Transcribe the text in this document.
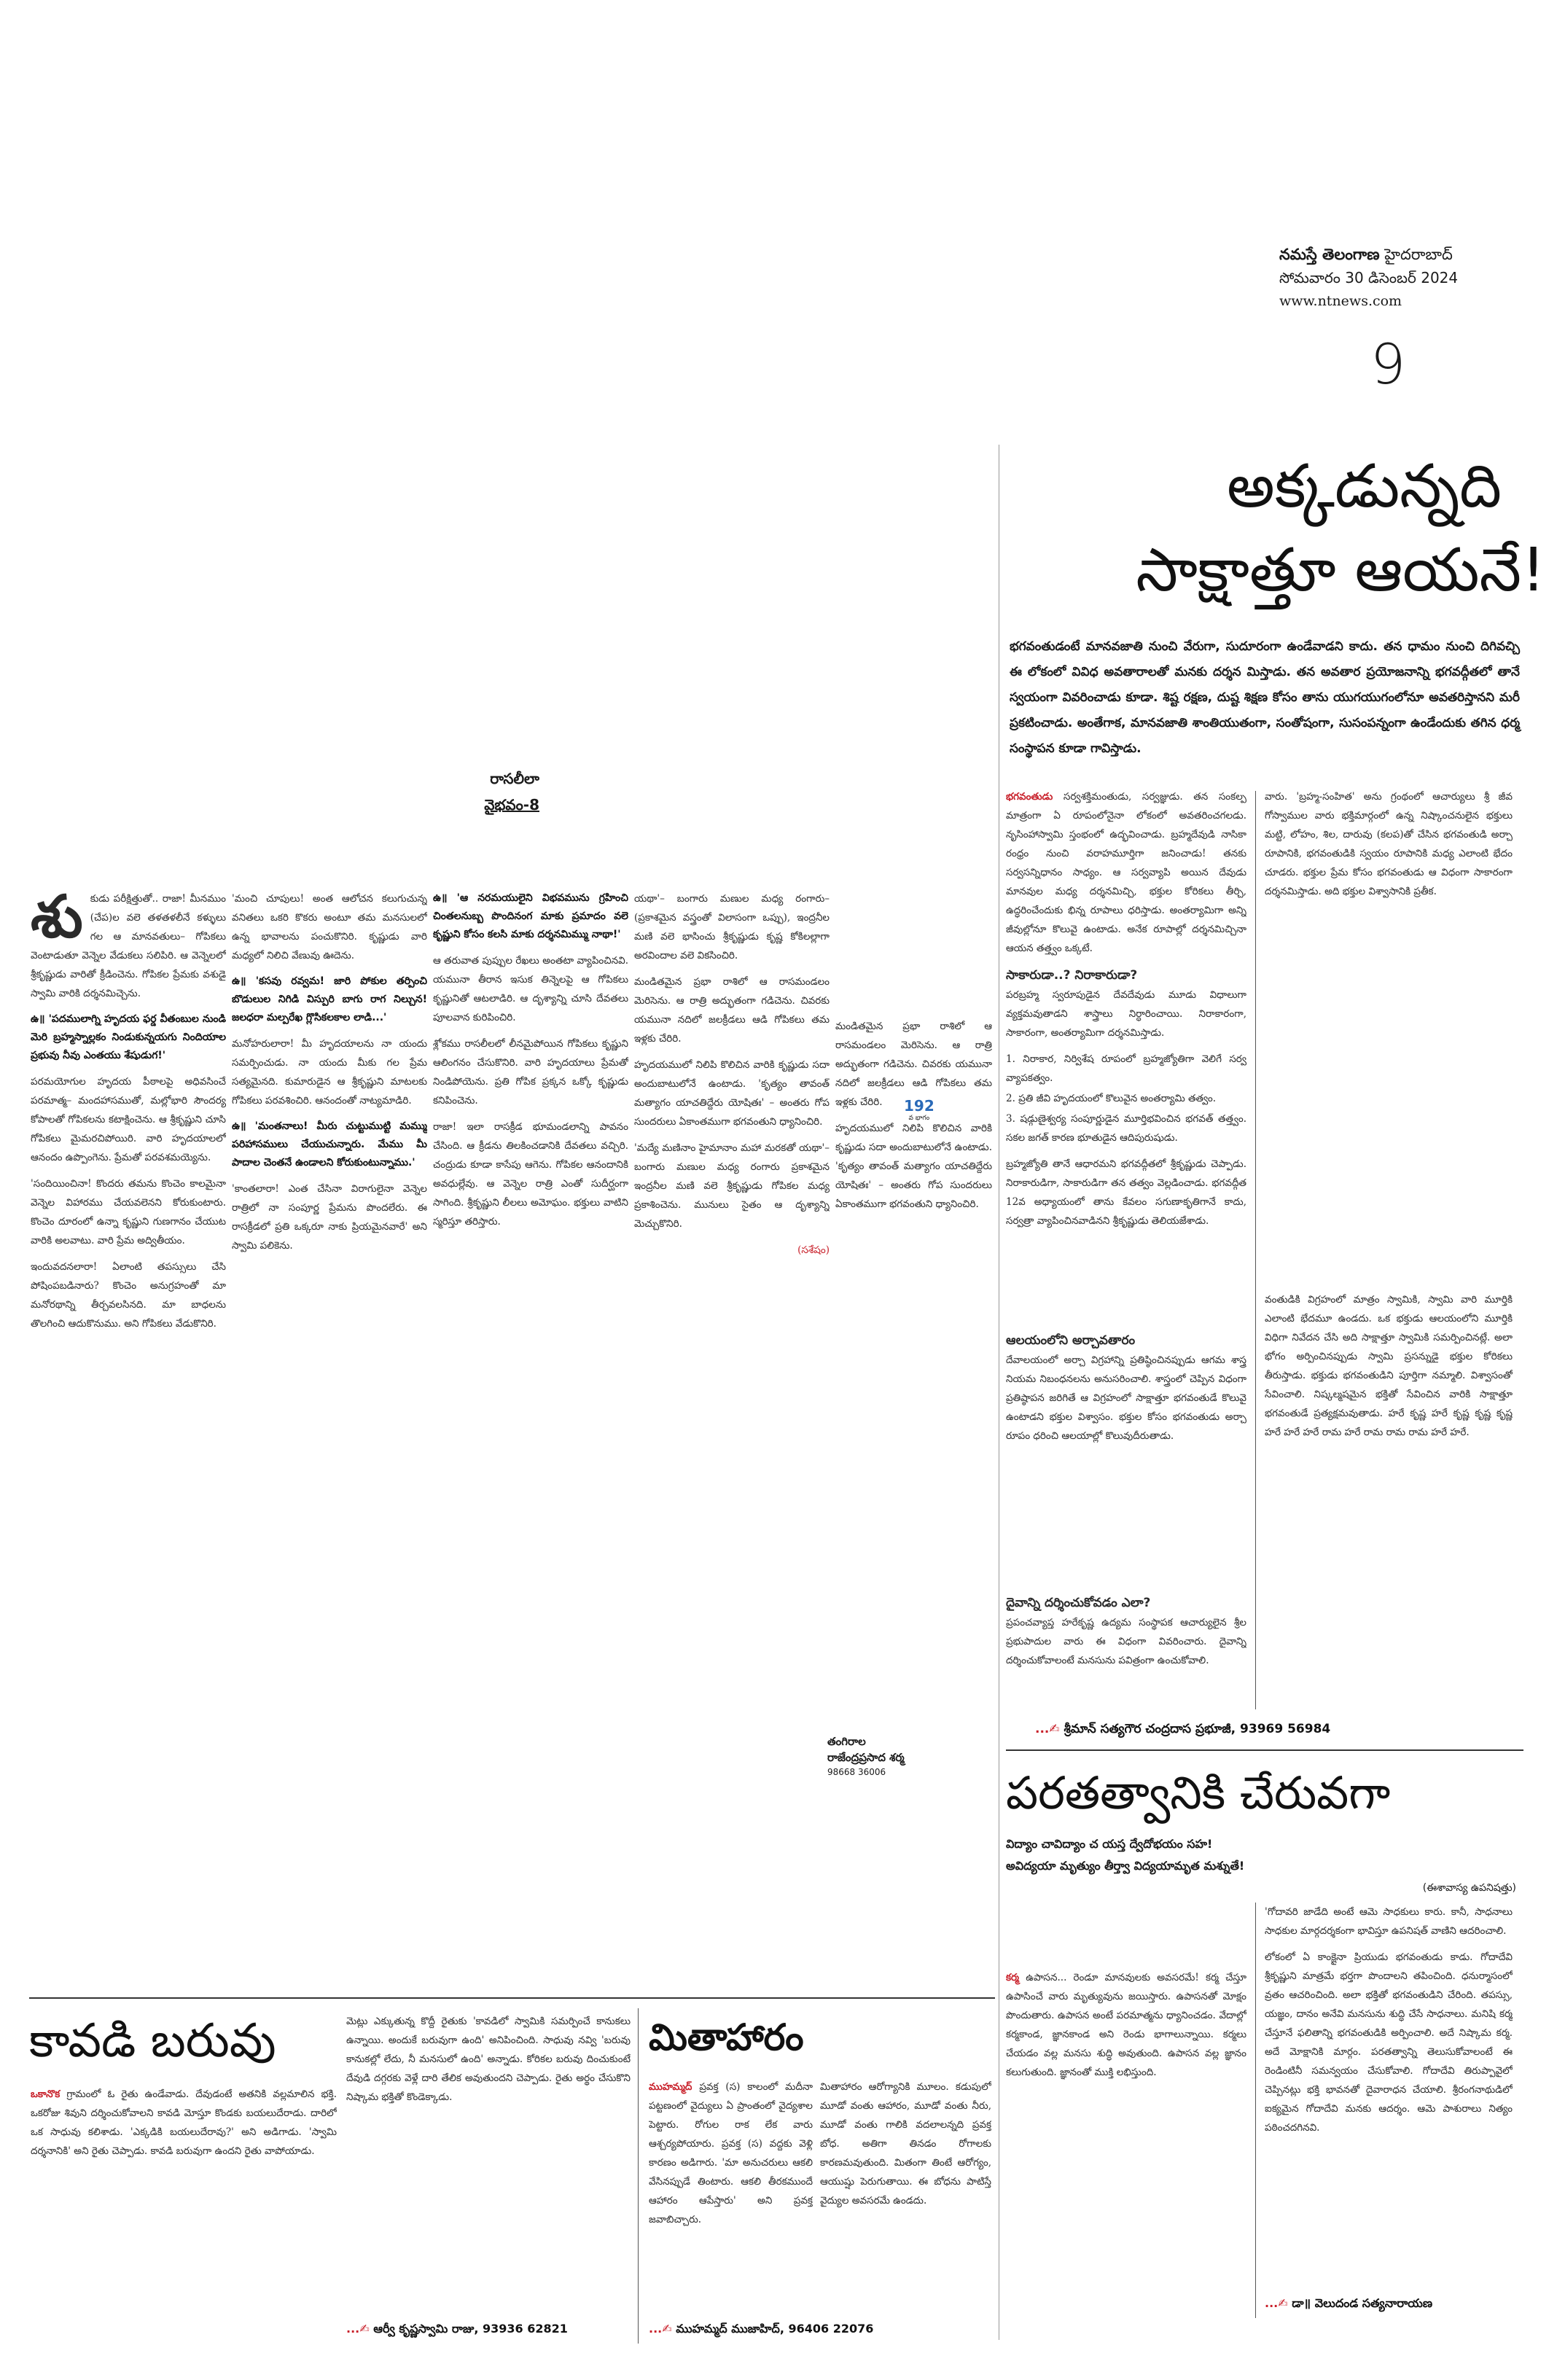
నమస్తే తెలంగాణ హైదరాబాద్
సోమవారం 30 డిసెంబర్ 2024
www.ntnews.com
9
అక్కడున్నది
సాక్షాత్తూ ఆయనే!
భగవంతుడంటే మానవజాతి నుంచి వేరుగా, సుదూరంగా ఉండేవాడని కాదు. తన ధామం నుంచి దిగివచ్చి ఈ లోకంలో వివిధ అవతారాలతో మనకు దర్శన మిస్తాడు. తన అవతార ప్రయోజనాన్ని భగవద్గీతలో తానే స్వయంగా వివరించాడు కూడా. శిష్ట రక్షణ, దుష్ట శిక్షణ కోసం తాను యుగయుగంలోనూ అవతరిస్తానని మరీ ప్రకటించాడు. అంతేగాక, మానవజాతి శాంతియుతంగా, సంతోషంగా, సుసంపన్నంగా ఉండేందుకు తగిన ధర్మ సంస్థాపన కూడా గావిస్తాడు.

భగవంతుడు సర్వశక్తిమంతుడు, సర్వజ్ఞుడు. తన సంకల్ప మాత్రంగా ఏ రూపంలోనైనా లోకంలో అవతరించగలడు. నృసింహాస్వామి స్తంభంలో ఉద్భవించాడు. బ్రహ్మదేవుడి నాసికా రంధ్రం నుంచి వరాహమూర్తిగా జనించాడు! తనకు సర్వసన్నిధానం సాధ్యం. ఆ సర్వవ్యాపి అయిన దేవుడు మానవుల మధ్య దర్శనమిచ్చి, భక్తుల కోరికలు తీర్చి, ఉద్ధరించేందుకు భిన్న రూపాలు ధరిస్తాడు. అంతర్యామిగా అన్ని జీవుల్లోనూ కొలువై ఉంటాడు. అనేక రూపాల్లో దర్శనమిచ్చినా ఆయన తత్త్వం ఒక్కటే.

సాకారుడా..? నిరాకారుడా?

పరబ్రహ్మ స్వరూపుడైన దేవదేవుడు మూడు విధాలుగా వ్యక్తమవుతాడని శాస్త్రాలు నిర్ధారించాయి. నిరాకారంగా, సాకారంగా, అంతర్యామిగా దర్శనమిస్తాడు.

1. నిరాకార, నిర్విశేష రూపంలో బ్రహ్మజ్యోతిగా వెలిగే సర్వ వ్యాపకత్వం.

2. ప్రతి జీవి హృదయంలో కొలువైన అంతర్యామి తత్వం.

3. షడ్గుణైశ్వర్య సంపూర్ణుడైన మూర్తిభవించిన భగవత్ తత్త్వం. సకల జగత్ కారణ భూతుడైన ఆదిపురుషుడు.

బ్రహ్మజ్యోతి తానే ఆధారమని భగవద్గీతలో శ్రీకృష్ణుడు చెప్పాడు. నిరాకారుడిగా, సాకారుడిగా తన తత్వం వెల్లడించాడు. భగవద్గీత 12వ అధ్యాయంలో తాను కేవలం సగుణాకృతిగానే కాదు, సర్వత్రా వ్యాపించినవాడినని శ్రీకృష్ణుడు తెలియజేశాడు.

ఆలయంలోని అర్చావతారం

దేవాలయంలో అర్చా విగ్రహాన్ని ప్రతిష్ఠించినప్పుడు ఆగమ శాస్త్ర నియమ నిబంధనలను అనుసరించాలి. శాస్త్రంలో చెప్పిన విధంగా ప్రతిష్ఠాపన జరిగితే ఆ విగ్రహంలో సాక్షాత్తూ భగవంతుడే కొలువై ఉంటాడని భక్తుల విశ్వాసం. భక్తుల కోసం భగవంతుడు అర్చా రూపం ధరించి ఆలయాల్లో కొలువుదీరుతాడు.

దైవాన్ని దర్శించుకోవడం ఎలా?

ప్రపంచవ్యాప్త హరేకృష్ణ ఉద్యమ సంస్థాపక ఆచార్యులైన శ్రీల ప్రభుపాదుల వారు ఈ విధంగా వివరించారు. దైవాన్ని దర్శించుకోవాలంటే మనసును పవిత్రంగా ఉంచుకోవాలి.

వారు. 'బ్రహ్మ-సంహిత' అను గ్రంథంలో ఆచార్యులు శ్రీ జీవ గోస్వాముల వారు భక్తిమార్గంలో ఉన్న నిష్కాంచనులైన భక్తులు మట్టి, లోహం, శిల, దారువు (కలప)తో చేసిన భగవంతుడి అర్చా రూపానికి, భగవంతుడికి స్వయం రూపానికి మధ్య ఎలాంటి భేదం చూడరు. భక్తుల ప్రేమ కోసం భగవంతుడు ఆ విధంగా సాకారంగా దర్శనమిస్తాడు. అది భక్తుల విశ్వాసానికి ప్రతీక.

వంతుడికి విగ్రహంలో మాత్రం స్వామికి, స్వామి వారి మూర్తికి ఎలాంటి భేదమూ ఉండదు. ఒక భక్తుడు ఆలయంలోని మూర్తికి విధిగా నివేదన చేసి అది సాక్షాత్తూ స్వామికి సమర్పించినట్లే. అలా భోగం అర్పించినప్పుడు స్వామి ప్రసన్నుడై భక్తుల కోరికలు తీరుస్తాడు. భక్తుడు భగవంతుడిని పూర్తిగా నమ్మాలి. విశ్వాసంతో సేవించాలి. నిష్కల్మషమైన భక్తితో సేవించిన వారికి సాక్షాత్తూ భగవంతుడే ప్రత్యక్షమవుతాడు. హరే కృష్ణ హరే కృష్ణ కృష్ణ కృష్ణ హరే హరే హరే రామ హరే రామ రామ రామ హరే హరే.

...✍ శ్రీమాన్ సత్యగౌర చంద్రదాస ప్రభూజీ, 93969 56984
పరతత్వానికి చేరువగా
విద్యాం చావిద్యాం చ యస్త ద్వేదోభయం సహ!
అవిద్యయా మృత్యుం తీర్త్వా విద్యయామృత మశ్నుతే!
(ఈశావాస్య ఉపనిషత్తు)

కర్మ ఉపాసన... రెండూ మానవులకు అవసరమే! కర్మ చేస్తూ ఉపాసించే వారు మృత్యువును జయిస్తారు. ఉపాసనతో మోక్షం పొందుతారు. ఉపాసన అంటే పరమాత్మను ధ్యానించడం. వేదాల్లో కర్మకాండ, జ్ఞానకాండ అని రెండు భాగాలున్నాయి. కర్మలు చేయడం వల్ల మనసు శుద్ధి అవుతుంది. ఉపాసన వల్ల జ్ఞానం కలుగుతుంది. జ్ఞానంతో ముక్తి లభిస్తుంది.

'గోదావరి జాడేది అంటే ఆమె సాధకులు కారు. కానీ, సాధనాలు సాధకుల మార్గదర్శకంగా భావిస్తూ ఉపనిషత్ వాణిని ఆదరించాలి.

లోకంలో ఏ కాంక్షైనా ప్రియుడు భగవంతుడు కాడు. గోదాదేవి శ్రీకృష్ణుని మాత్రమే భర్తగా పొందాలని తపించింది. ధనుర్మాసంలో వ్రతం ఆచరించింది. అలా భక్తితో భగవంతుడిని చేరింది. తపస్సు, యజ్ఞం, దానం అనేవి మనసును శుద్ధి చేసే సాధనాలు. మనిషి కర్మ చేస్తూనే ఫలితాన్ని భగవంతుడికి అర్పించాలి. అదే నిష్కామ కర్మ. అదే మోక్షానికి మార్గం. పరతత్వాన్ని తెలుసుకోవాలంటే ఈ రెండింటినీ సమన్వయం చేసుకోవాలి. గోదాదేవి తిరుప్పావైలో చెప్పినట్లు భక్తి భావనతో దైవారాధన చేయాలి. శ్రీరంగనాథుడిలో ఐక్యమైన గోదాదేవి మనకు ఆదర్శం. ఆమె పాశురాలు నిత్యం పఠించదగినవి.

...✍ డా॥ వెలుదండ సత్యనారాయణ
రాసలీలా
వైభవం-8

శుకుడు పరీక్షిత్తుతో.. రాజా! మీనముం (చేప)ల వలె తళతళలీనే కళ్ళులు గల ఆ మానవతులు– గోపికలు వెంటాడుతూ వెన్నెల వేడుకలు సలిపిరి. ఆ వెన్నెలలో శ్రీకృష్ణుడు వారితో క్రీడించెను. గోపికల ప్రేమకు వశుడై స్వామి వారికి దర్శనమిచ్చెను.

ఉ॥ 'పదములాగ్ని హృదయ ఫర్డ వీతంబుల నుండి మెరి బ్రహ్మస్నాల్లకం నిండుకున్నయగు నిందియాల ప్రభువు నీవు ఎంతయు శేషుడుగ!'

పరమయోగుల హృదయ పీఠాలపై అధివసించే పరమాత్మ– మందహాసముతో, మల్లోభారి సౌందర్య కోపాలతో గోపికలను కటాక్షించెను. ఆ శ్రీకృష్ణుని చూసి గోపికలు మైమరచిపోయిరి. వారి హృదయాలలో ఆనందం ఉప్పొంగెను. ప్రేమతో పరవశమయ్యెను.

'సందియించినా! కొందరు తమను కొంచెం కాలమైనా వెన్నెల విహారము చేయవలెనని కోరుకుంటారు. కొంచెం దూరంలో ఉన్నా కృష్ణుని గుణగానం చేయుట వారికి అలవాటు. వారి ప్రేమ అద్వితీయం.

ఇందువదనలారా! ఏలాంటి తపస్సులు చేసి పోషింపబడినారు? కొంచెం అనుగ్రహంతో మా మనోరథాన్ని తీర్చవలసినది. మా బాధలను తొలగించి ఆదుకొనుము. అని గోపికలు వేడుకొనిరి.

'మంచి చూపులు! అంత ఆలోచన కలుగుచున్న వనితలు ఒకరి కొకరు అంటూ తమ మనసులలో ఉన్న భావాలను పంచుకొనిరి. కృష్ణుడు వారి మధ్యలో నిలిచి వేణువు ఊదెను.

ఉ॥ 'కసవు రవ్వమ! జారి పోకుల తర్పించి బొడులుల నిగిడి విస్పురి బాగు రాగ నిల్చున! జలధరా మల్పరేఖ గ్లొసికలకాల లాడి...'

మనోహరులారా! మీ హృదయాలను నా యందు సమర్పించుడు. నా యందు మీకు గల ప్రేమ సత్యమైనది. కుమారుడైన ఆ శ్రీకృష్ణుని మాటలకు గోపికలు పరవశించిరి. ఆనందంతో నాట్యమాడిరి.

ఉ॥ 'మంతనాలు! మీరు చుట్టుముట్టి మమ్ము పరిహాసములు చేయుచున్నారు. మేము మీ పాదాల చెంతనే ఉండాలని కోరుకుంటున్నాము.'

'కాంతలారా! ఎంత చేసినా విరాగులైనా వెన్నెల రాత్రిలో నా సంపూర్ణ ప్రేమను పొందలేరు. ఈ రాసక్రీడలో ప్రతి ఒక్కరూ నాకు ప్రియమైనవారే' అని స్వామి పలికెను.

ఉ॥ 'ఆ నరమయులైని విభవమును గ్రహించి చింతలనుబ్బ పొందినంగ మాకు ప్రమాదం వలె కృష్ణుని కోసం కలసి మాకు దర్శనమిమ్ము నాథా!'

ఆ తరువాత పుప్పుల రేఖలు అంతటా వ్యాపించినవి. యమునా తీరాన ఇసుక తిన్నెలపై ఆ గోపికలు కృష్ణునితో ఆటలాడిరి. ఆ దృశ్యాన్ని చూసి దేవతలు పూలవాన కురిపించిరి.

శ్లోకము రాసలీలలో లీనమైపోయిన గోపికలు కృష్ణుని ఆలింగనం చేసుకొనిరి. వారి హృదయాలు ప్రేమతో నిండిపోయెను. ప్రతి గోపిక ప్రక్కన ఒక్కో కృష్ణుడు కనిపించెను.

రాజా! ఇలా రాసక్రీడ భూమండలాన్ని పావనం చేసింది. ఆ క్రీడను తిలకించడానికి దేవతలు వచ్చిరి. చంద్రుడు కూడా కాసేపు ఆగెను. గోపికల ఆనందానికి అవధుల్లేవు. ఆ వెన్నెల రాత్రి ఎంతో సుదీర్ఘంగా సాగింది. శ్రీకృష్ణుని లీలలు అమోఘం. భక్తులు వాటిని స్మరిస్తూ తరిస్తారు.

యథా'– బంగారు మణుల మధ్య రంగారు– (ప్రకాశమైన వస్త్రంతో విలాసంగా ఒప్పు), ఇంద్రనీల మణి వలె భాసించు శ్రీకృష్ణుడు కృష్ణ కోకిలల్లాగా అరవిందాల వలె వికసించిరి.

మండితమైన ప్రభా రాశిలో ఆ రాసమండలం మెరిసెను. ఆ రాత్రి అద్భుతంగా గడిచెను. చివరకు యమునా నదిలో జలక్రీడలు ఆడి గోపికలు తమ ఇళ్లకు చేరిరి.

హృదయములో నిలిపి కొలిచిన వారికి కృష్ణుడు సదా అందుబాటులోనే ఉంటాడు. 'కృత్యం తావంత్ మత్యాగం యాచతిద్దేరు యోషితః' – అంతరు గోప సుందరులు ఏకాంతముగా భగవంతుని ధ్యానించిరి.

'మద్యే మణినాం హైమానాం మహా మరకతో యథా'– బంగారు మణుల మధ్య రంగారు ప్రకాశమైన ఇంద్రనీల మణి వలె శ్రీకృష్ణుడు గోపికల మధ్య ప్రకాశించెను. మునులు సైతం ఆ దృశ్యాన్ని మెచ్చుకొనిరి.

(సశేషం)

మండితమైన ప్రభా రాశిలో ఆ రాసమండలం మెరిసెను. ఆ రాత్రి అద్భుతంగా గడిచెను. చివరకు యమునా నదిలో జలక్రీడలు ఆడి గోపికలు తమ ఇళ్లకు చేరిరి.

హృదయములో నిలిపి కొలిచిన వారికి కృష్ణుడు సదా అందుబాటులోనే ఉంటాడు. 'కృత్యం తావంత్ మత్యాగం యాచతిద్దేరు యోషితః' – అంతరు గోప సుందరులు ఏకాంతముగా భగవంతుని ధ్యానించిరి.

192
వ భాగం
తంగిరాల
రాజేంద్రప్రసాద శర్మ
98668 36006
కావడి బరువు

ఒకానొక గ్రామంలో ఓ రైతు ఉండేవాడు. దేవుడంటే అతనికి వల్లమాలిన భక్తి. ఒకరోజు శివుని దర్శించుకోవాలని కావడి మోస్తూ కొండకు బయలుదేరాడు. దారిలో ఒక సాధువు కలిశాడు. 'ఎక్కడికి బయలుదేరావు?' అని అడిగాడు. 'స్వామి దర్శనానికి' అని రైతు చెప్పాడు. కావడి బరువుగా ఉందని రైతు వాపోయాడు.

మెట్లు ఎక్కుతున్న కొద్దీ రైతుకు 'కావడిలో స్వామికి సమర్పించే కానుకలు ఉన్నాయి. అందుకే బరువుగా ఉంది' అనిపించింది. సాధువు నవ్వి 'బరువు కానుకల్లో లేదు, నీ మనసులో ఉంది' అన్నాడు. కోరికల బరువు దించుకుంటే దేవుడి దగ్గరకు వెళ్లే దారి తేలిక అవుతుందని చెప్పాడు. రైతు అర్థం చేసుకొని నిష్కామ భక్తితో కొండెక్కాడు.

...✍ ఆర్వీ కృష్ణస్వామి రాజు, 93936 62821
మితాహారం

ముహమ్మద్ ప్రవక్త (స) కాలంలో మదీనా పట్టణంలో వైద్యులు ఏ ప్రాంతంలో వైద్యశాల పెట్టారు. రోగుల రాక లేక వారు ఆశ్చర్యపోయారు. ప్రవక్త (స) వద్దకు వెళ్లి కారణం అడిగారు. 'మా అనుచరులు ఆకలి వేసినప్పుడే తింటారు. ఆకలి తీరకముందే ఆహారం ఆపేస్తారు' అని ప్రవక్త జవాబిచ్చారు.

మితాహారం ఆరోగ్యానికి మూలం. కడుపులో మూడో వంతు ఆహారం, మూడో వంతు నీరు, మూడో వంతు గాలికి వదలాలన్నది ప్రవక్త బోధ. అతిగా తినడం రోగాలకు కారణమవుతుంది. మితంగా తింటే ఆరోగ్యం, ఆయుష్షు పెరుగుతాయి. ఈ బోధను పాటిస్తే వైద్యుల అవసరమే ఉండదు.

...✍ ముహమ్మద్ ముజాహిద్, 96406 22076
